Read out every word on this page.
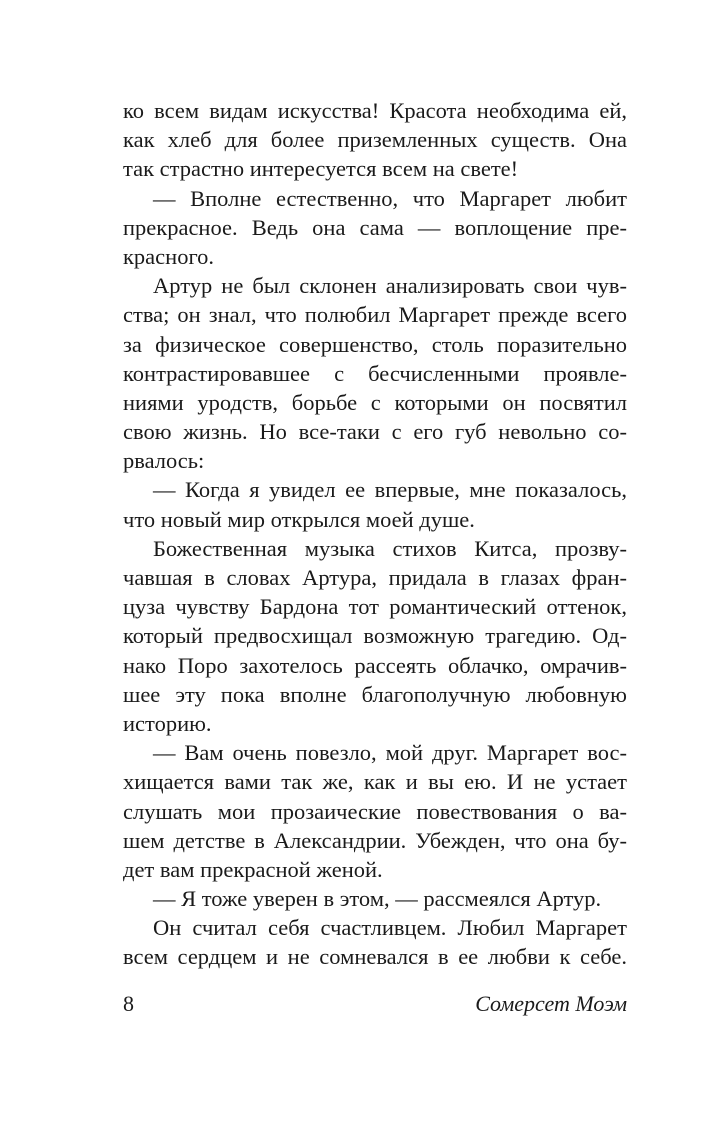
ко всем видам искусства! Красота необходима ей,
как хлеб для более приземленных существ. Она
так страстно интересуется всем на свете!
— Вполне естественно, что Маргарет любит
прекрасное. Ведь она сама — воплощение пре-
красного.
Артур не был склонен анализировать свои чув-
ства; он знал, что полюбил Маргарет прежде всего
за физическое совершенство, столь поразительно
контрастировавшее с бесчисленными проявле-
ниями уродств, борьбе с которыми он посвятил
свою жизнь. Но все-таки с его губ невольно со-
рвалось:
— Когда я увидел ее впервые, мне показалось,
что новый мир открылся моей душе.
Божественная музыка стихов Китса, прозву-
чавшая в словах Артура, придала в глазах фран-
цуза чувству Бардона тот романтический оттенок,
который предвосхищал возможную трагедию. Од-
нако Поро захотелось рассеять облачко, омрачив-
шее эту пока вполне благополучную любовную
историю.
— Вам очень повезло, мой друг. Маргарет вос-
хищается вами так же, как и вы ею. И не устает
слушать мои прозаические повествования о ва-
шем детстве в Александрии. Убежден, что она бу-
дет вам прекрасной женой.
— Я тоже уверен в этом, — рассмеялся Артур.
Он считал себя счастливцем. Любил Маргарет
всем сердцем и не сомневался в ее любви к себе.
8	Сомерсет Моэм
